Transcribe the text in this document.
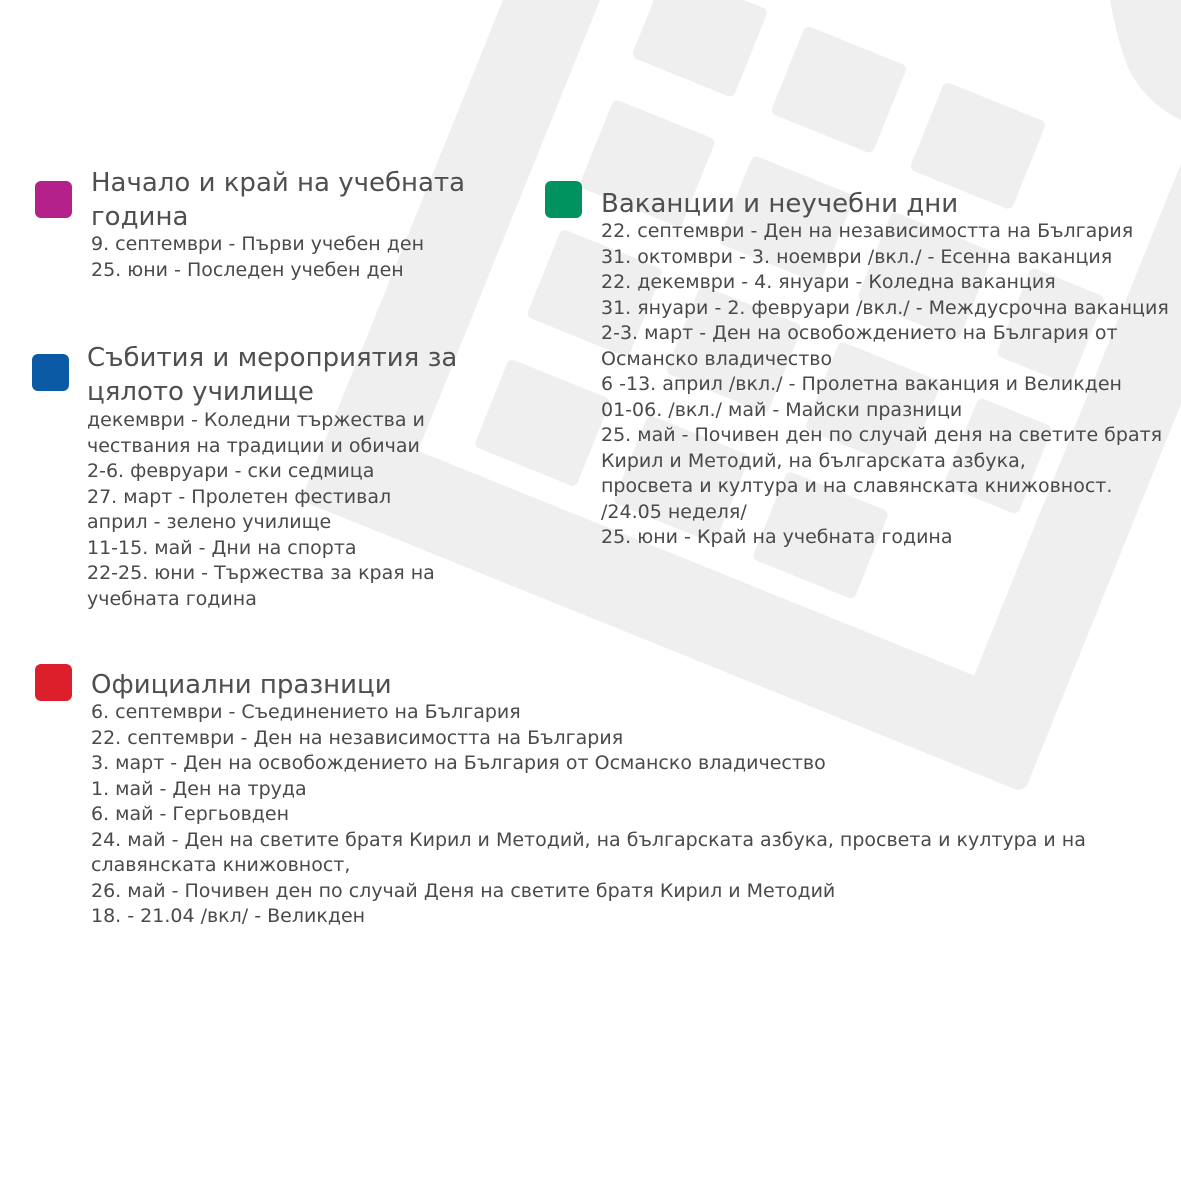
Начало и край на учебната
година
9. септември - Първи учебен ден
25. юни - Последен учебен ден
Ваканции и неучебни дни
22. септември - Ден на независимостта на България
31. октомври - 3. ноември /вкл./ - Есенна ваканция
22. декември - 4. януари - Коледна ваканция
31. януари - 2. февруари /вкл./ - Междусрочна ваканция
2-3. март - Ден на освобождението на България от
Османско владичество
6 -13. април /вкл./ - Пролетна ваканция и Великден
01-06. /вкл./ май - Майски празници
25. май - Почивен ден по случай деня на светите братя
Кирил и Методий, на българската азбука,
просвета и култура и на славянската книжовност.
/24.05 неделя/
25. юни - Край на учебната година
Събития и мероприятия за
цялото училище
декември - Коледни тържества и
чествания на традиции и обичаи
2-6. февруари - ски седмица
27. март - Пролетен фестивал
април - зелено училище
11-15. май - Дни на спорта
22-25. юни - Тържества за края на
учебната година
Официални празници
6. септември - Съединението на България
22. септември - Ден на независимостта на България
3. март - Ден на освобождението на България от Османско владичество
1. май - Ден на труда
6. май - Гергьовден
24. май - Ден на светите братя Кирил и Методий, на българската азбука, просвета и култура и на
славянската книжовност,
26. май - Почивен ден по случай Деня на светите братя Кирил и Методий
18. - 21.04 /вкл/ - Великден
